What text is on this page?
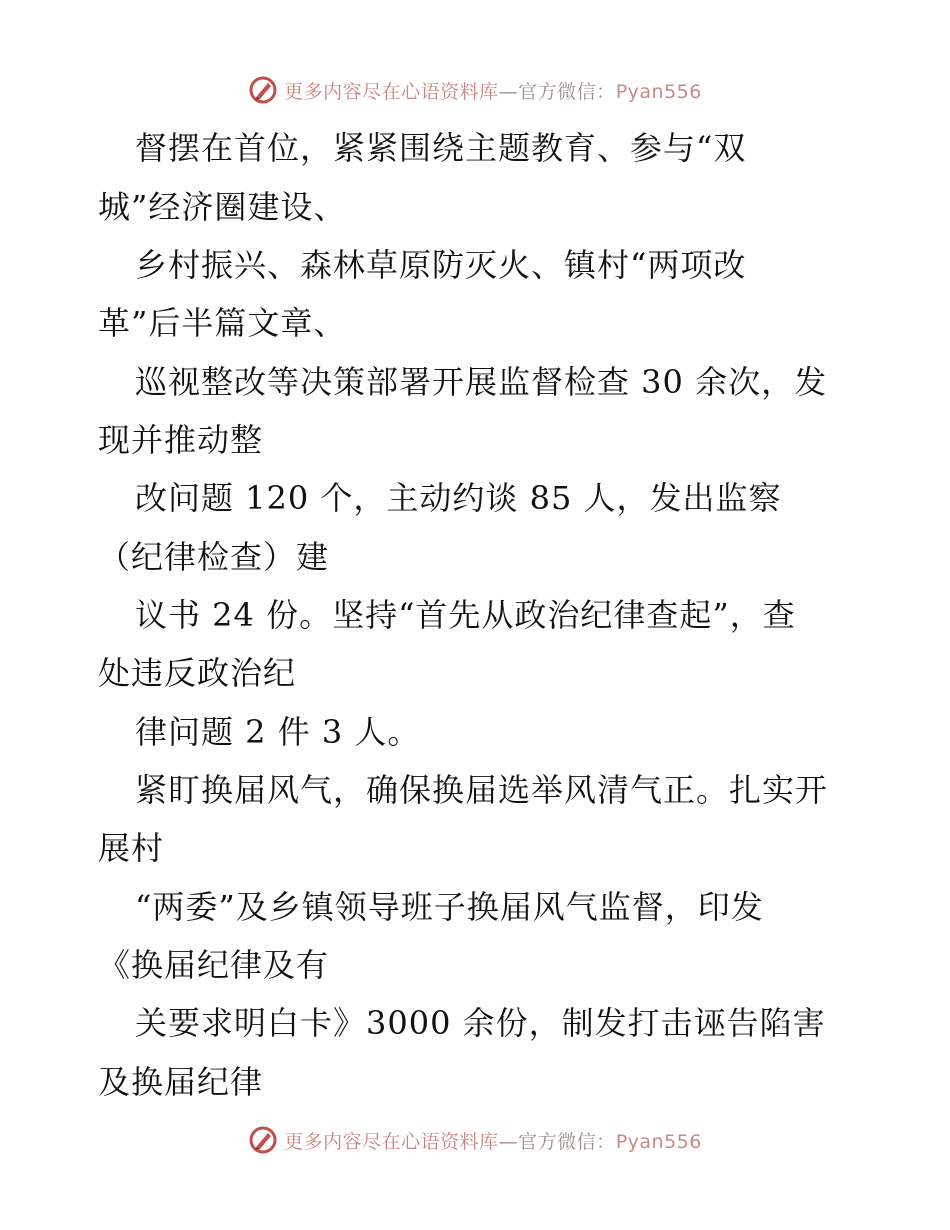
更多内容尽在心语资料库—官方微信：Pyan556
督摆在首位，紧紧围绕主题教育、参与“双
城”经济圈建设、
乡村振兴、森林草原防灭火、镇村“两项改
革”后半篇文章、
巡视整改等决策部署开展监督检查 30 余次，发
现并推动整
改问题 120 个，主动约谈 85 人，发出监察
（纪律检查）建
议书 24 份。坚持“首先从政治纪律查起”，查
处违反政治纪
律问题 2 件 3 人。
紧盯换届风气，确保换届选举风清气正。扎实开
展村
“两委”及乡镇领导班子换届风气监督，印发
《换届纪律及有
关要求明白卡》3000 余份，制发打击诬告陷害
及换届纪律
更多内容尽在心语资料库—官方微信：Pyan556
